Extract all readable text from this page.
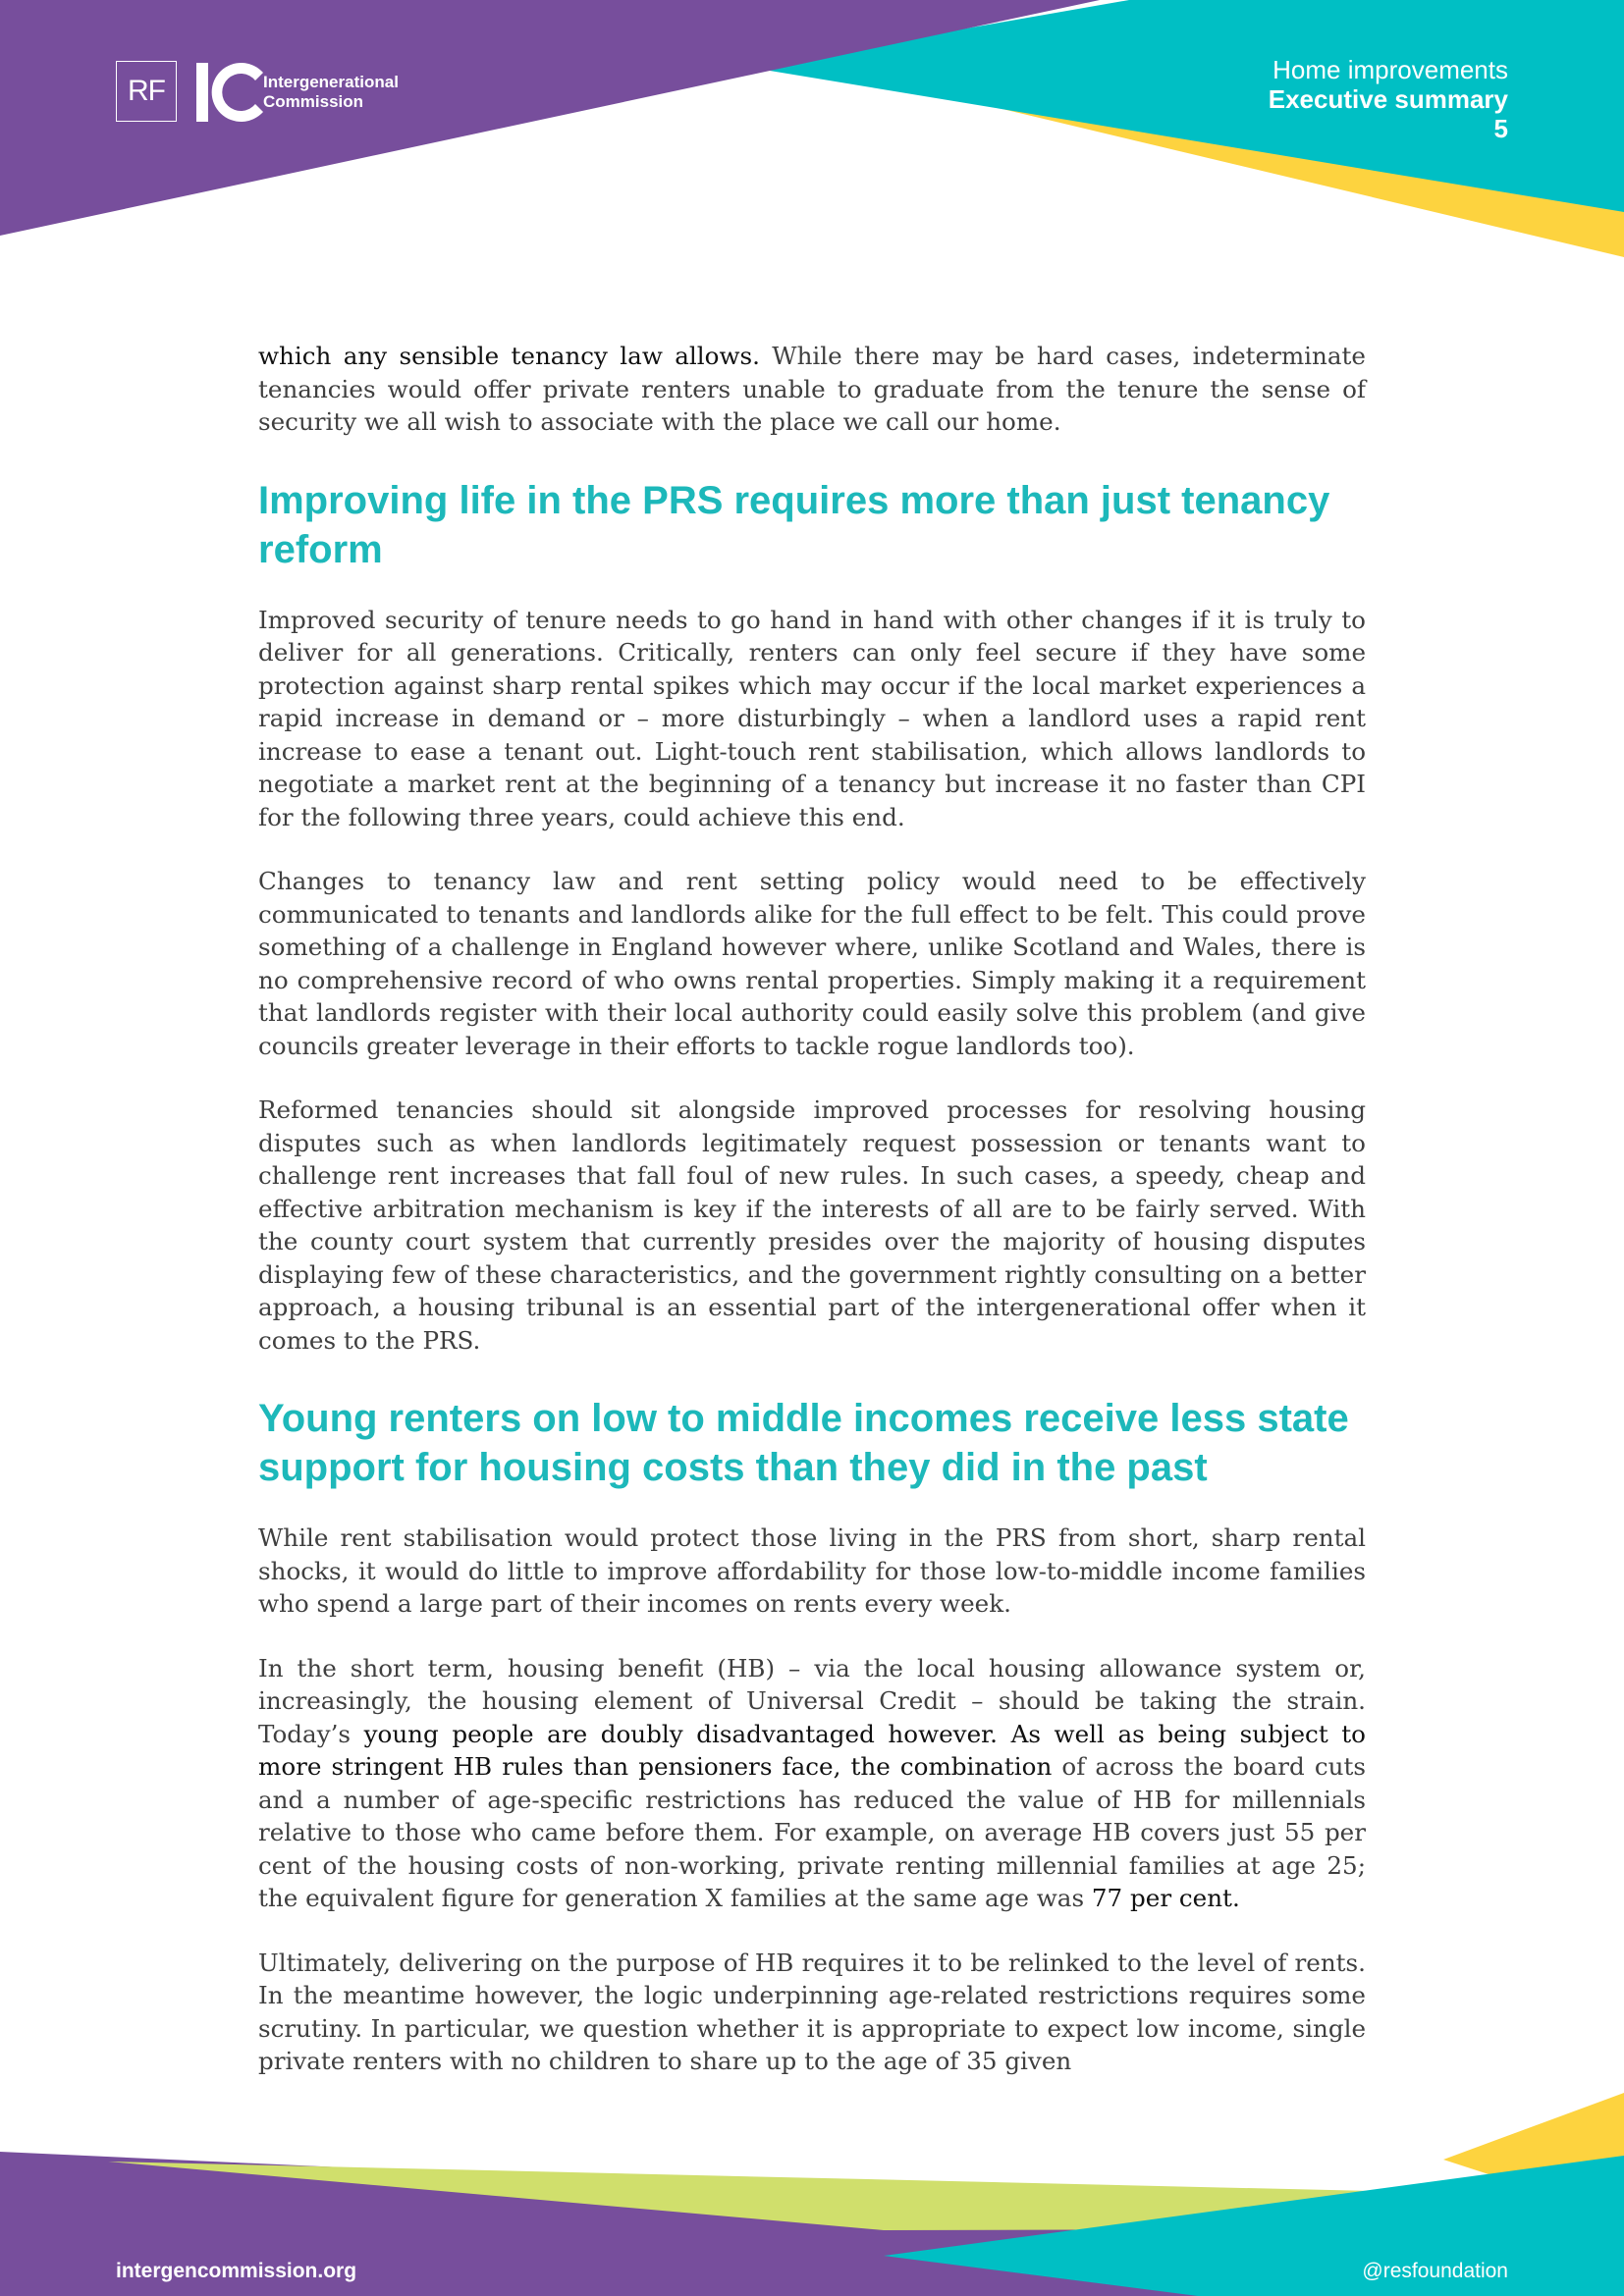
RF	Intergenerational
Commission
Home improvements
Executive summary
5

which any sensible tenancy law allows. While there may be hard cases, indeterminate tenancies would offer private renters unable to graduate from the tenure the sense of security we all wish to associate with the place we call our home.

Improving life in the PRS requires more than just tenancy reform

Improved security of tenure needs to go hand in hand with other changes if it is truly to deliver for all generations. Critically, renters can only feel secure if they have some protection against sharp rental spikes which may occur if the local market experiences a rapid increase in demand or – more disturbingly – when a landlord uses a rapid rent increase to ease a tenant out. Light-touch rent stabilisation, which allows landlords to negotiate a market rent at the beginning of a tenancy but increase it no faster than CPI for the following three years, could achieve this end.

Changes to tenancy law and rent setting policy would need to be effectively communicated to tenants and landlords alike for the full effect to be felt. This could prove something of a challenge in England however where, unlike Scotland and Wales, there is no comprehensive record of who owns rental properties. Simply making it a requirement that landlords register with their local authority could easily solve this problem (and give councils greater leverage in their efforts to tackle rogue landlords too).

Reformed tenancies should sit alongside improved processes for resolving housing disputes such as when landlords legitimately request possession or tenants want to challenge rent increases that fall foul of new rules. In such cases, a speedy, cheap and effective arbitration mechanism is key if the interests of all are to be fairly served. With the county court system that currently presides over the majority of housing disputes displaying few of these characteristics, and the government rightly consulting on a better approach, a housing tribunal is an essential part of the intergenerational offer when it comes to the PRS.

Young renters on low to middle incomes receive less state support for housing costs than they did in the past

While rent stabilisation would protect those living in the PRS from short, sharp rental shocks, it would do little to improve affordability for those low-to-middle income families who spend a large part of their incomes on rents every week.

In the short term, housing benefit (HB) – via the local housing allowance system or, increasingly, the housing element of Universal Credit – should be taking the strain. Today’s young people are doubly disadvantaged however. As well as being subject to more stringent HB rules than pensioners face, the combination of across the board cuts and a number of age-specific restrictions has reduced the value of HB for millennials relative to those who came before them. For example, on average HB covers just 55 per cent of the housing costs of non-working, private renting millennial families at age 25; the equivalent figure for generation X families at the same age was 77 per cent.

Ultimately, delivering on the purpose of HB requires it to be relinked to the level of rents. In the meantime however, the logic underpinning age-related restrictions requires some scrutiny. In particular, we question whether it is appropriate to expect low income, single private renters with no children to share up to the age of 35 given

intergencommission.org	@resfoundation
